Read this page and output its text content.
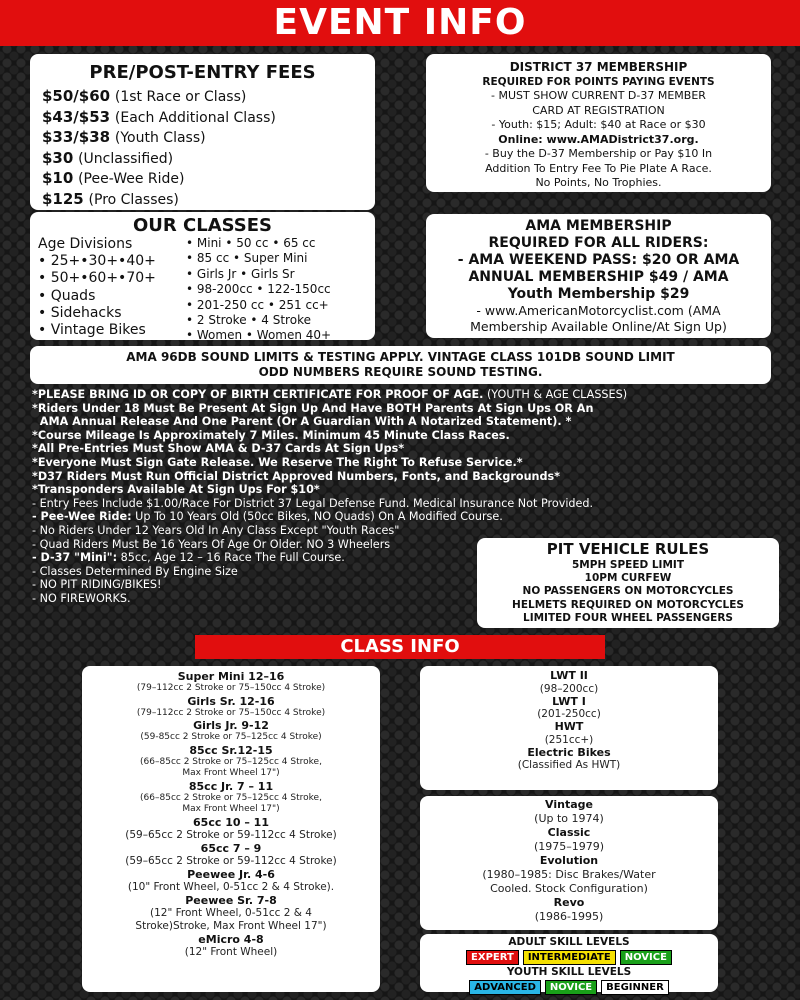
EVENT INFO
PRE/POST-ENTRY FEES
$50/$60 (1st Race or Class)
$43/$53 (Each Additional Class)
$33/$38 (Youth Class)
$30 (Unclassified)
$10 (Pee-Wee Ride)
$125 (Pro Classes)
DISTRICT 37 MEMBERSHIP
REQUIRED FOR POINTS PAYING EVENTS
- MUST SHOW CURRENT D-37 MEMBER
CARD AT REGISTRATION
- Youth: $15; Adult: $40 at Race or $30
Online: www.AMADistrict37.org.
- Buy the D-37 Membership or Pay $10 In
Addition To Entry Fee To Pie Plate A Race.
No Points, No Trophies.
OUR CLASSES
Age Divisions
• 25+•30+•40+
• 50+•60+•70+
• Quads
• Sidehacks
• Vintage Bikes
• Mini • 50 cc • 65 cc
• 85 cc • Super Mini
• Girls Jr • Girls Sr
• 98-200cc • 122-150cc
• 201-250 cc • 251 cc+
• 2 Stroke • 4 Stroke
• Women • Women 40+
AMA MEMBERSHIP
REQUIRED FOR ALL RIDERS:
- AMA WEEKEND PASS: $20 OR AMA
ANNUAL MEMBERSHIP $49 / AMA
Youth Membership $29
- www.AmericanMotorcyclist.com (AMA
Membership Available Online/At Sign Up)
AMA 96DB SOUND LIMITS & TESTING APPLY. VINTAGE CLASS 101DB SOUND LIMIT
ODD NUMBERS REQUIRE SOUND TESTING.
*PLEASE BRING ID OR COPY OF BIRTH CERTIFICATE FOR PROOF OF AGE. (YOUTH & AGE CLASSES)
*Riders Under 18 Must Be Present At Sign Up And Have BOTH Parents At Sign Ups OR An
AMA Annual Release And One Parent (Or A Guardian With A Notarized Statement). *
*Course Mileage Is Approximately 7 Miles. Minimum 45 Minute Class Races.
*All Pre-Entries Must Show AMA & D-37 Cards At Sign Ups*
*Everyone Must Sign Gate Release. We Reserve The Right To Refuse Service.*
*D37 Riders Must Run Official District Approved Numbers, Fonts, and Backgrounds*
*Transponders Available At Sign Ups For $10*
- Entry Fees Include $1.00/Race For District 37 Legal Defense Fund. Medical Insurance Not Provided.
- Pee-Wee Ride: Up To 10 Years Old (50cc Bikes, NO Quads) On A Modified Course.
- No Riders Under 12 Years Old In Any Class Except "Youth Races"
- Quad Riders Must Be 16 Years Of Age Or Older. NO 3 Wheelers
- D-37 "Mini": 85cc, Age 12 – 16 Race The Full Course.
- Classes Determined By Engine Size
- NO PIT RIDING/BIKES!
- NO FIREWORKS.
PIT VEHICLE RULES
5MPH SPEED LIMIT
10PM CURFEW
NO PASSENGERS ON MOTORCYCLES
HELMETS REQUIRED ON MOTORCYCLES
LIMITED FOUR WHEEL PASSENGERS
CLASS INFO
Super Mini 12–16
(79–112cc 2 Stroke or 75–150cc 4 Stroke)
Girls Sr. 12-16
(79–112cc 2 Stroke or 75–150cc 4 Stroke)
Girls Jr. 9-12
(59-85cc 2 Stroke or 75–125cc 4 Stroke)
85cc Sr.12-15
(66–85cc 2 Stroke or 75–125cc 4 Stroke,
Max Front Wheel 17")
85cc Jr. 7 – 11
(66–85cc 2 Stroke or 75–125cc 4 Stroke,
Max Front Wheel 17")
65cc 10 – 11
(59–65cc 2 Stroke or 59-112cc 4 Stroke)
65cc 7 – 9
(59–65cc 2 Stroke or 59-112cc 4 Stroke)
Peewee Jr. 4-6
(10" Front Wheel, 0-51cc 2 & 4 Stroke).
Peewee Sr. 7-8
(12" Front Wheel, 0-51cc 2 & 4
Stroke)Stroke, Max Front Wheel 17")
eMicro 4-8
(12" Front Wheel)
LWT II
(98–200cc)
LWT I
(201-250cc)
HWT
(251cc+)
Electric Bikes
(Classified As HWT)
Vintage
(Up to 1974)
Classic
(1975–1979)
Evolution
(1980–1985: Disc Brakes/Water
Cooled. Stock Configuration)
Revo
(1986-1995)
ADULT SKILL LEVELS
EXPERT	INTERMEDIATE	NOVICE
YOUTH SKILL LEVELS
ADVANCED	NOVICE	BEGINNER
